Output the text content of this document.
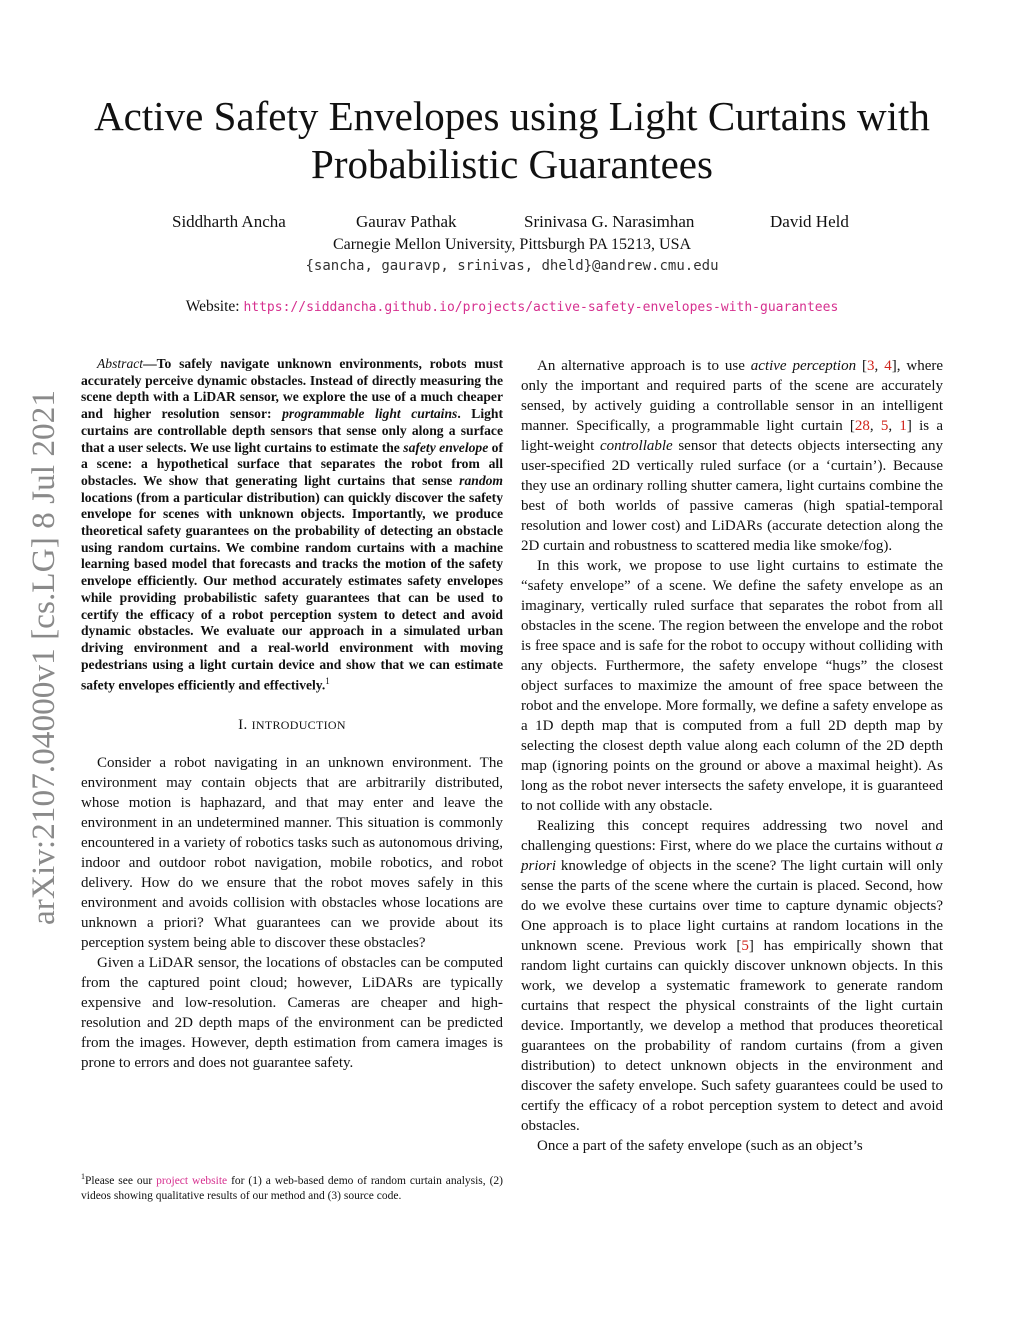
arXiv:2107.04000v1 [cs.LG] 8 Jul 2021
Active Safety Envelopes using Light Curtains with
Probabilistic Guarantees
Siddharth Ancha	Gaurav Pathak	Srinivasa G. Narasimhan	David Held
Carnegie Mellon University, Pittsburgh PA 15213, USA
{sancha, gauravp, srinivas, dheld}@andrew.cmu.edu
Website: https://siddancha.github.io/projects/active-safety-envelopes-with-guarantees

Abstract—To safely navigate unknown environments, robots must accurately perceive dynamic obstacles. Instead of directly measuring the scene depth with a LiDAR sensor, we explore the use of a much cheaper and higher resolution sensor: programmable light curtains. Light curtains are controllable depth sensors that sense only along a surface that a user selects. We use light curtains to estimate the safety envelope of a scene: a hypothetical surface that separates the robot from all obstacles. We show that generating light curtains that sense random locations (from a particular distribution) can quickly discover the safety envelope for scenes with unknown objects. Importantly, we produce theoretical safety guarantees on the probability of detecting an obstacle using random curtains. We combine random curtains with a machine learning based model that forecasts and tracks the motion of the safety envelope efficiently. Our method accurately estimates safety envelopes while providing probabilistic safety guarantees that can be used to certify the efficacy of a robot perception system to detect and avoid dynamic obstacles. We evaluate our approach in a simulated urban driving environment and a real-world environment with moving pedestrians using a light curtain device and show that we can estimate safety envelopes efficiently and effectively.$^1$

I. INTRODUCTION

Consider a robot navigating in an unknown environment. The environment may contain objects that are arbitrarily distributed, whose motion is haphazard, and that may enter and leave the environment in an undetermined manner. This situation is commonly encountered in a variety of robotics tasks such as autonomous driving, indoor and outdoor robot navigation, mobile robotics, and robot delivery. How do we ensure that the robot moves safely in this environment and avoids collision with obstacles whose locations are unknown a priori? What guarantees can we provide about its perception system being able to discover these obstacles?

Given a LiDAR sensor, the locations of obstacles can be computed from the captured point cloud; however, LiDARs are typically expensive and low-resolution. Cameras are cheaper and high-resolution and 2D depth maps of the environment can be predicted from the images. However, depth estimation from camera images is prone to errors and does not guarantee safety.

$^1$Please see our project website for (1) a web-based demo of random curtain analysis, (2) videos showing qualitative results of our method and (3) source code.

An alternative approach is to use active perception [3, 4], where only the important and required parts of the scene are accurately sensed, by actively guiding a controllable sensor in an intelligent manner. Specifically, a programmable light curtain [28, 5, 1] is a light-weight controllable sensor that detects objects intersecting any user-specified 2D vertically ruled surface (or a ‘curtain’). Because they use an ordinary rolling shutter camera, light curtains combine the best of both worlds of passive cameras (high spatial-temporal resolution and lower cost) and LiDARs (accurate detection along the 2D curtain and robustness to scattered media like smoke/fog).

In this work, we propose to use light curtains to estimate the “safety envelope” of a scene. We define the safety envelope as an imaginary, vertically ruled surface that separates the robot from all obstacles in the scene. The region between the envelope and the robot is free space and is safe for the robot to occupy without colliding with any objects. Furthermore, the safety envelope “hugs” the closest object surfaces to maximize the amount of free space between the robot and the envelope. More formally, we define a safety envelope as a 1D depth map that is computed from a full 2D depth map by selecting the closest depth value along each column of the 2D depth map (ignoring points on the ground or above a maximal height). As long as the robot never intersects the safety envelope, it is guaranteed to not collide with any obstacle.

Realizing this concept requires addressing two novel and challenging questions: First, where do we place the curtains without a priori knowledge of objects in the scene? The light curtain will only sense the parts of the scene where the curtain is placed. Second, how do we evolve these curtains over time to capture dynamic objects? One approach is to place light curtains at random locations in the unknown scene. Previous work [5] has empirically shown that random light curtains can quickly discover unknown objects. In this work, we develop a systematic framework to generate random curtains that respect the physical constraints of the light curtain device. Importantly, we develop a method that produces theoretical guarantees on the probability of random curtains (from a given distribution) to detect unknown objects in the environment and discover the safety envelope. Such safety guarantees could be used to certify the efficacy of a robot perception system to detect and avoid obstacles.

Once a part of the safety envelope (such as an object’s
